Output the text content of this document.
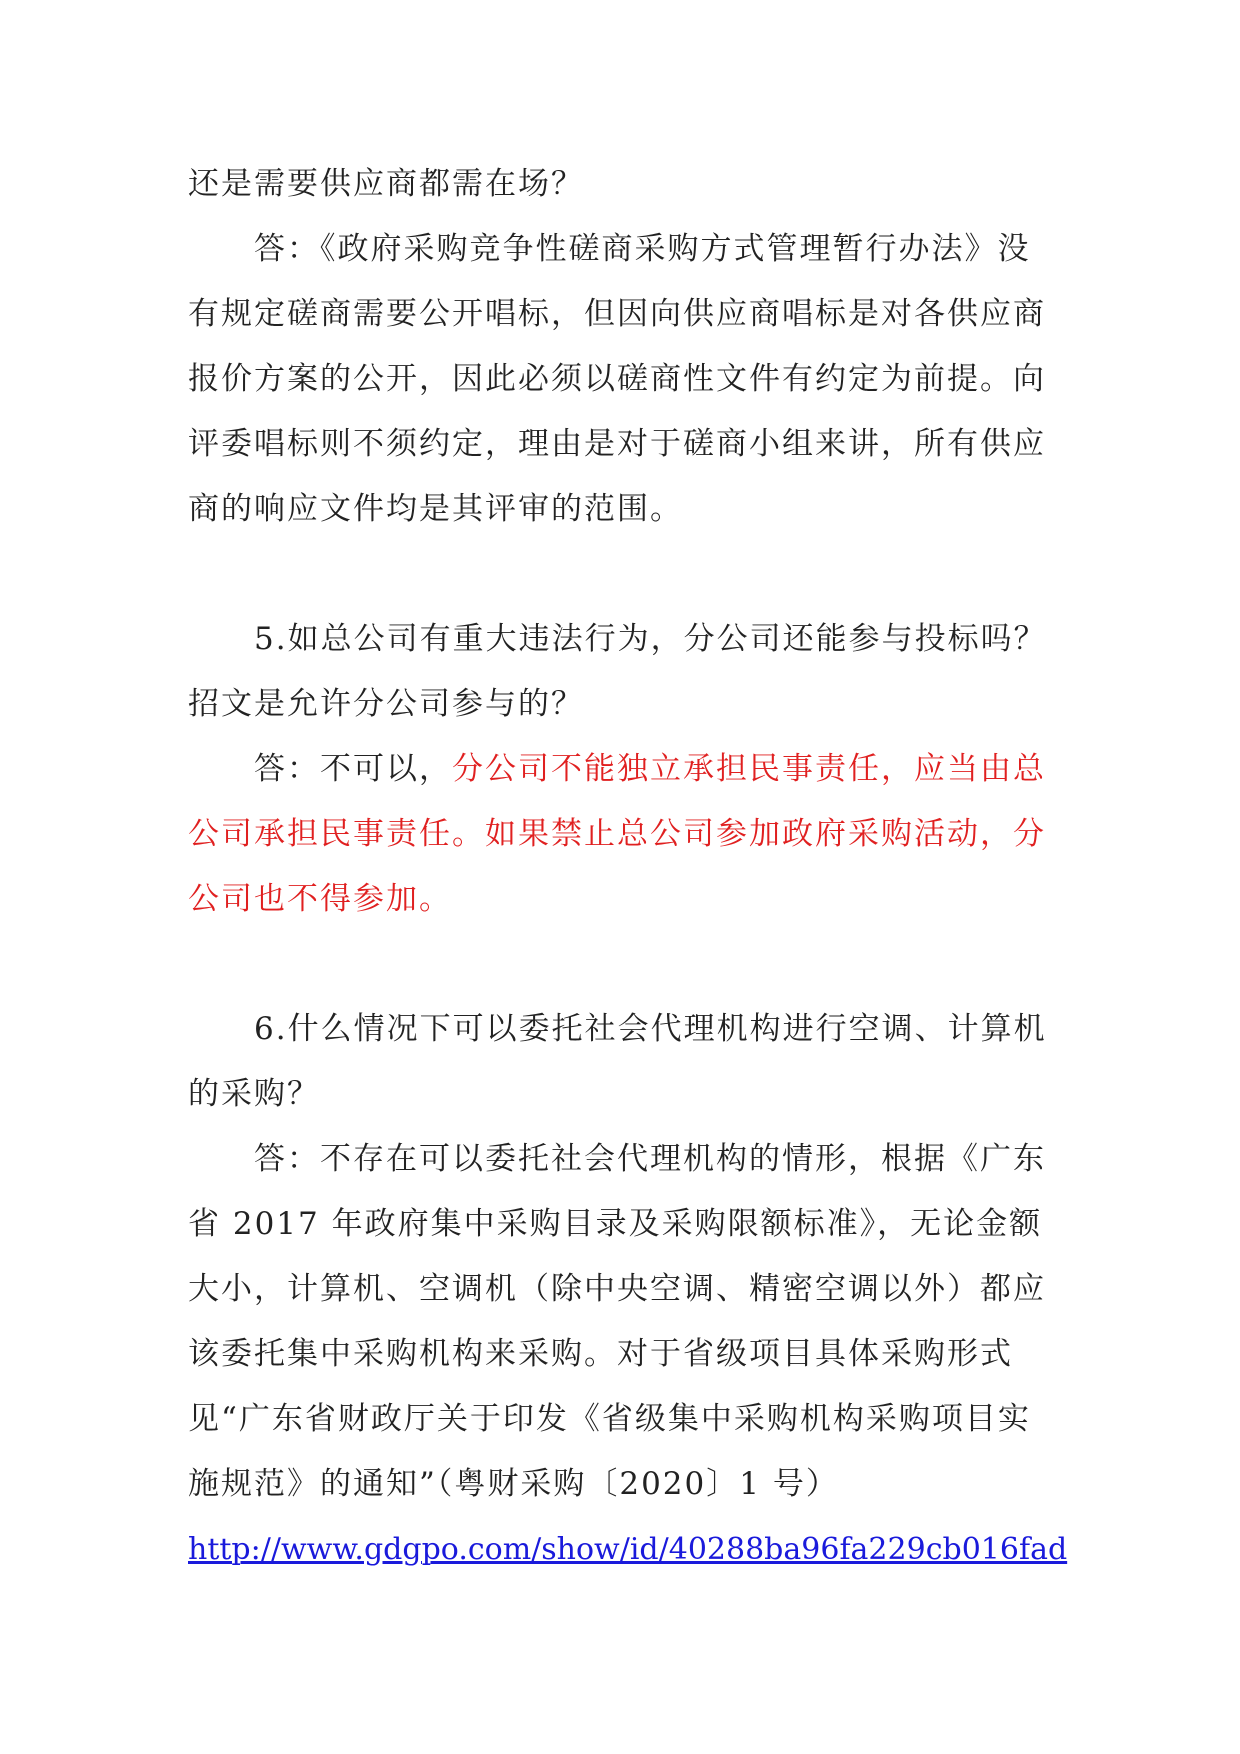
还是需要供应商都需在场？

答：《政府采购竞争性磋商采购方式管理暂行办法》没有规定磋商需要公开唱标，但因向供应商唱标是对各供应商报价方案的公开，因此必须以磋商性文件有约定为前提。向评委唱标则不须约定，理由是对于磋商小组来讲，所有供应商的响应文件均是其评审的范围。

5.如总公司有重大违法行为，分公司还能参与投标吗？招文是允许分公司参与的？

答：不可以，分公司不能独立承担民事责任，应当由总公司承担民事责任。如果禁止总公司参加政府采购活动，分公司也不得参加。

6.什么情况下可以委托社会代理机构进行空调、计算机的采购？

答：不存在可以委托社会代理机构的情形，根据《广东省 2017 年政府集中采购目录及采购限额标准》，无论金额大小，计算机、空调机（除中央空调、精密空调以外）都应该委托集中采购机构来采购。对于省级项目具体采购形式见“广东省财政厅关于印发《省级集中采购机构采购项目实施规范》的通知”（粤财采购〔2020〕1 号）

http://www.gdgpo.com/show/id/40288ba96fa229cb016fad
